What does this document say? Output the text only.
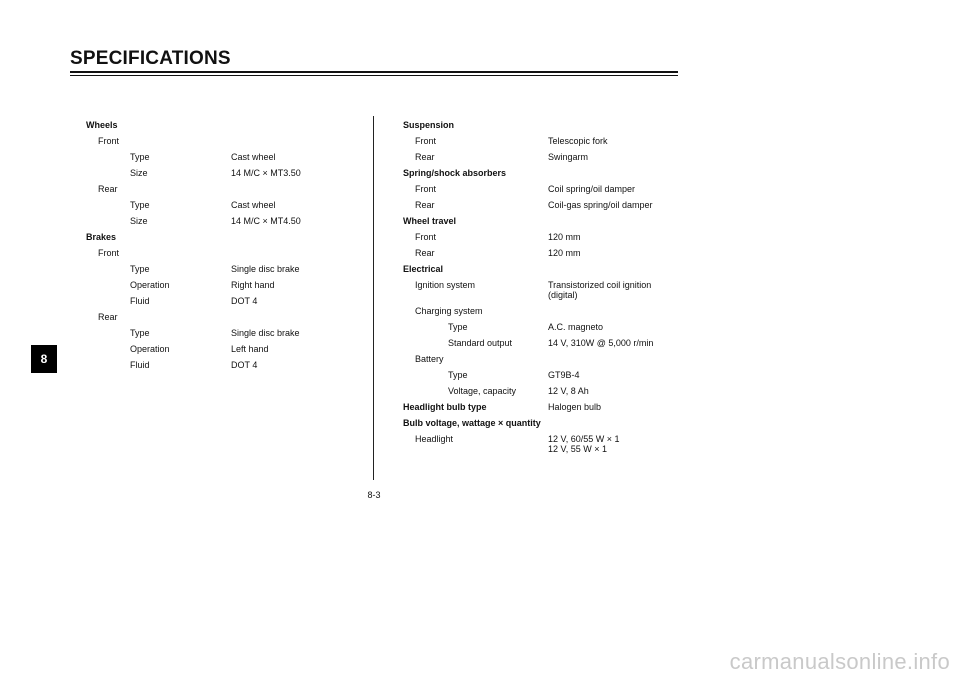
SPECIFICATIONS
Wheels
Front
Type	Cast wheel
Size	14 M/C × MT3.50
Rear
Type	Cast wheel
Size	14 M/C × MT4.50
Brakes
Front
Type	Single disc brake
Operation	Right hand
Fluid	DOT 4
Rear
Type	Single disc brake
Operation	Left hand
Fluid	DOT 4
Suspension
Front	Telescopic fork
Rear	Swingarm
Spring/shock absorbers
Front	Coil spring/oil damper
Rear	Coil-gas spring/oil damper
Wheel travel
Front	120 mm
Rear	120 mm
Electrical
Ignition system	Transistorized coil ignition
(digital)
Charging system
Type	A.C. magneto
Standard output	14 V, 310W @ 5,000 r/min
Battery
Type	GT9B-4
Voltage, capacity	12 V, 8 Ah
Headlight bulb type	Halogen bulb
Bulb voltage, wattage × quantity
Headlight	12 V, 60/55 W × 1
12 V, 55 W × 1
8
8-3
carmanualsonline.info
